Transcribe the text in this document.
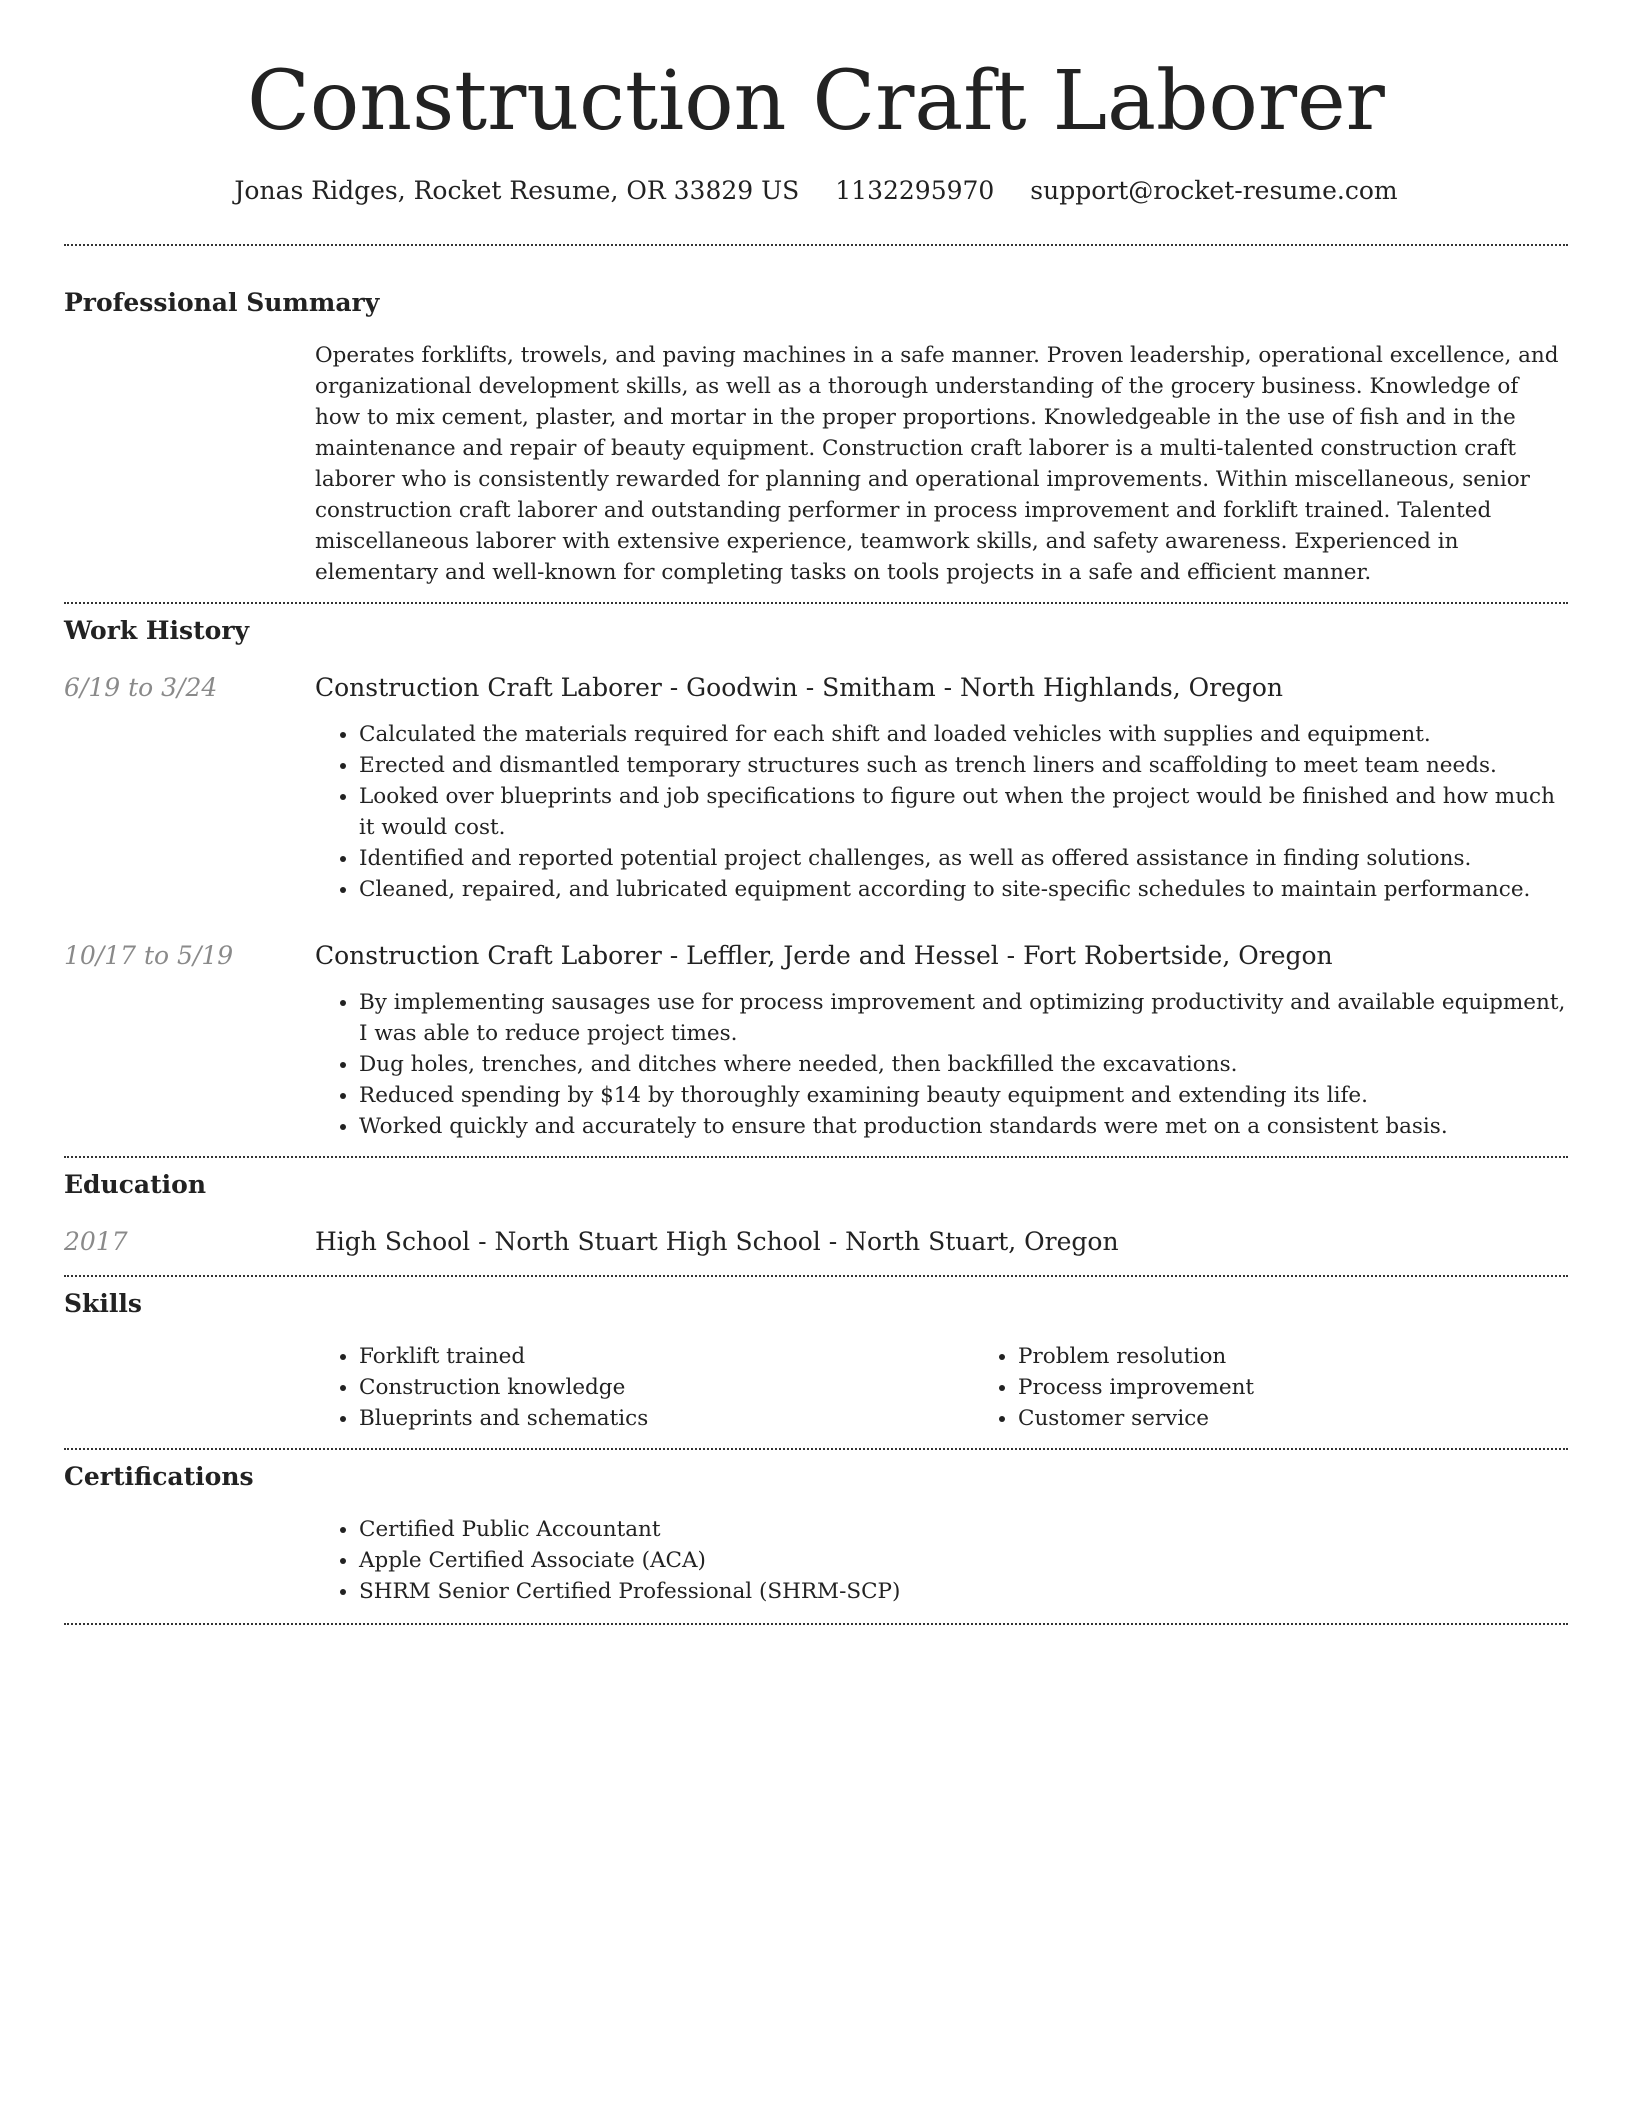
Construction Craft Laborer
Jonas Ridges, Rocket Resume, OR 33829 US 1132295970 support@rocket-resume.com
Professional Summary
Operates forklifts, trowels, and paving machines in a safe manner. Proven leadership, operational excellence, and organizational development skills, as well as a thorough understanding of the grocery business. Knowledge of how to mix cement, plaster, and mortar in the proper proportions. Knowledgeable in the use of fish and in the maintenance and repair of beauty equipment. Construction craft laborer is a multi-talented construction craft laborer who is consistently rewarded for planning and operational improvements. Within miscellaneous, senior construction craft laborer and outstanding performer in process improvement and forklift trained. Talented miscellaneous laborer with extensive experience, teamwork skills, and safety awareness. Experienced in elementary and well-known for completing tasks on tools projects in a safe and efficient manner.
Work History
6/19 to 3/24	Construction Craft Laborer - Goodwin - Smitham - North Highlands, Oregon
• Calculated the materials required for each shift and loaded vehicles with supplies and equipment.
• Erected and dismantled temporary structures such as trench liners and scaffolding to meet team needs.
• Looked over blueprints and job specifications to figure out when the project would be finished and how much it would cost.
• Identified and reported potential project challenges, as well as offered assistance in finding solutions.
• Cleaned, repaired, and lubricated equipment according to site-specific schedules to maintain performance.
10/17 to 5/19	Construction Craft Laborer - Leffler, Jerde and Hessel - Fort Robertside, Oregon
• By implementing sausages use for process improvement and optimizing productivity and available equipment, I was able to reduce project times.
• Dug holes, trenches, and ditches where needed, then backfilled the excavations.
• Reduced spending by $14 by thoroughly examining beauty equipment and extending its life.
• Worked quickly and accurately to ensure that production standards were met on a consistent basis.
Education
2017	High School - North Stuart High School - North Stuart, Oregon
Skills
• Forklift trained
• Construction knowledge
• Blueprints and schematics
• Problem resolution
• Process improvement
• Customer service
Certifications
• Certified Public Accountant
• Apple Certified Associate (ACA)
• SHRM Senior Certified Professional (SHRM-SCP)
